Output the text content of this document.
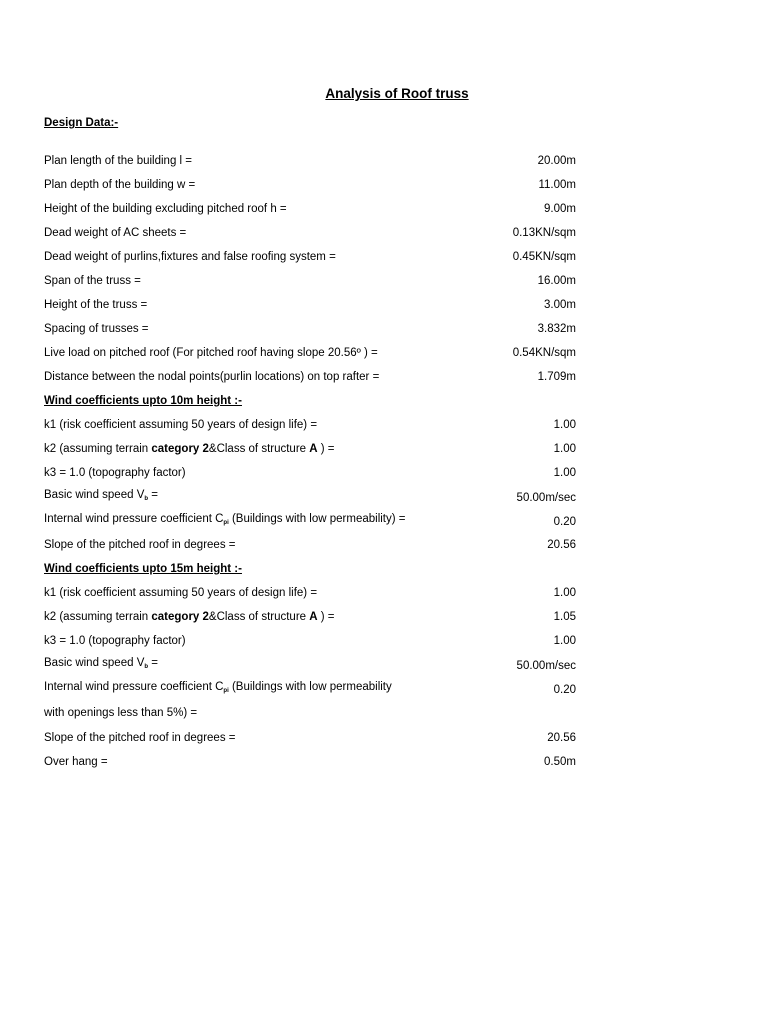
Analysis of Roof truss
Design Data:-
Plan length of the building l =	20.00m
Plan depth of the building w =	11.00m
Height of the building excluding pitched roof h =	9.00m
Dead weight of AC sheets =	0.13KN/sqm
Dead weight of purlins,fixtures and false roofing system =	0.45KN/sqm
Span of the truss =	16.00m
Height of the truss =	3.00m
Spacing of trusses =	3.832m
Live load on pitched roof (For pitched roof having slope 20.56º ) =	0.54KN/sqm
Distance between the nodal points(purlin locations) on top rafter =	1.709m
Wind coefficients upto 10m height :-
k1 (risk coefficient assuming 50 years of design life) =	1.00
k2 (assuming terrain category 2&Class of structure A ) =	1.00
k3 = 1.0 (topography factor)	1.00
Basic wind speed $V_b$ =	50.00m/sec
Internal wind pressure coefficient $C_{pi}$ (Buildings with low permeability) =	0.20
Slope of the pitched roof in degrees =	20.56
Wind coefficients upto 15m height :-
k1 (risk coefficient assuming 50 years of design life) =	1.00
k2 (assuming terrain category 2&Class of structure A ) =	1.05
k3 = 1.0 (topography factor)	1.00
Basic wind speed $V_b$ =	50.00m/sec
Internal wind pressure coefficient $C_{pi}$ (Buildings with low permeability	0.20
with openings less than 5%) =
Slope of the pitched roof in degrees =	20.56
Over hang =	0.50m
